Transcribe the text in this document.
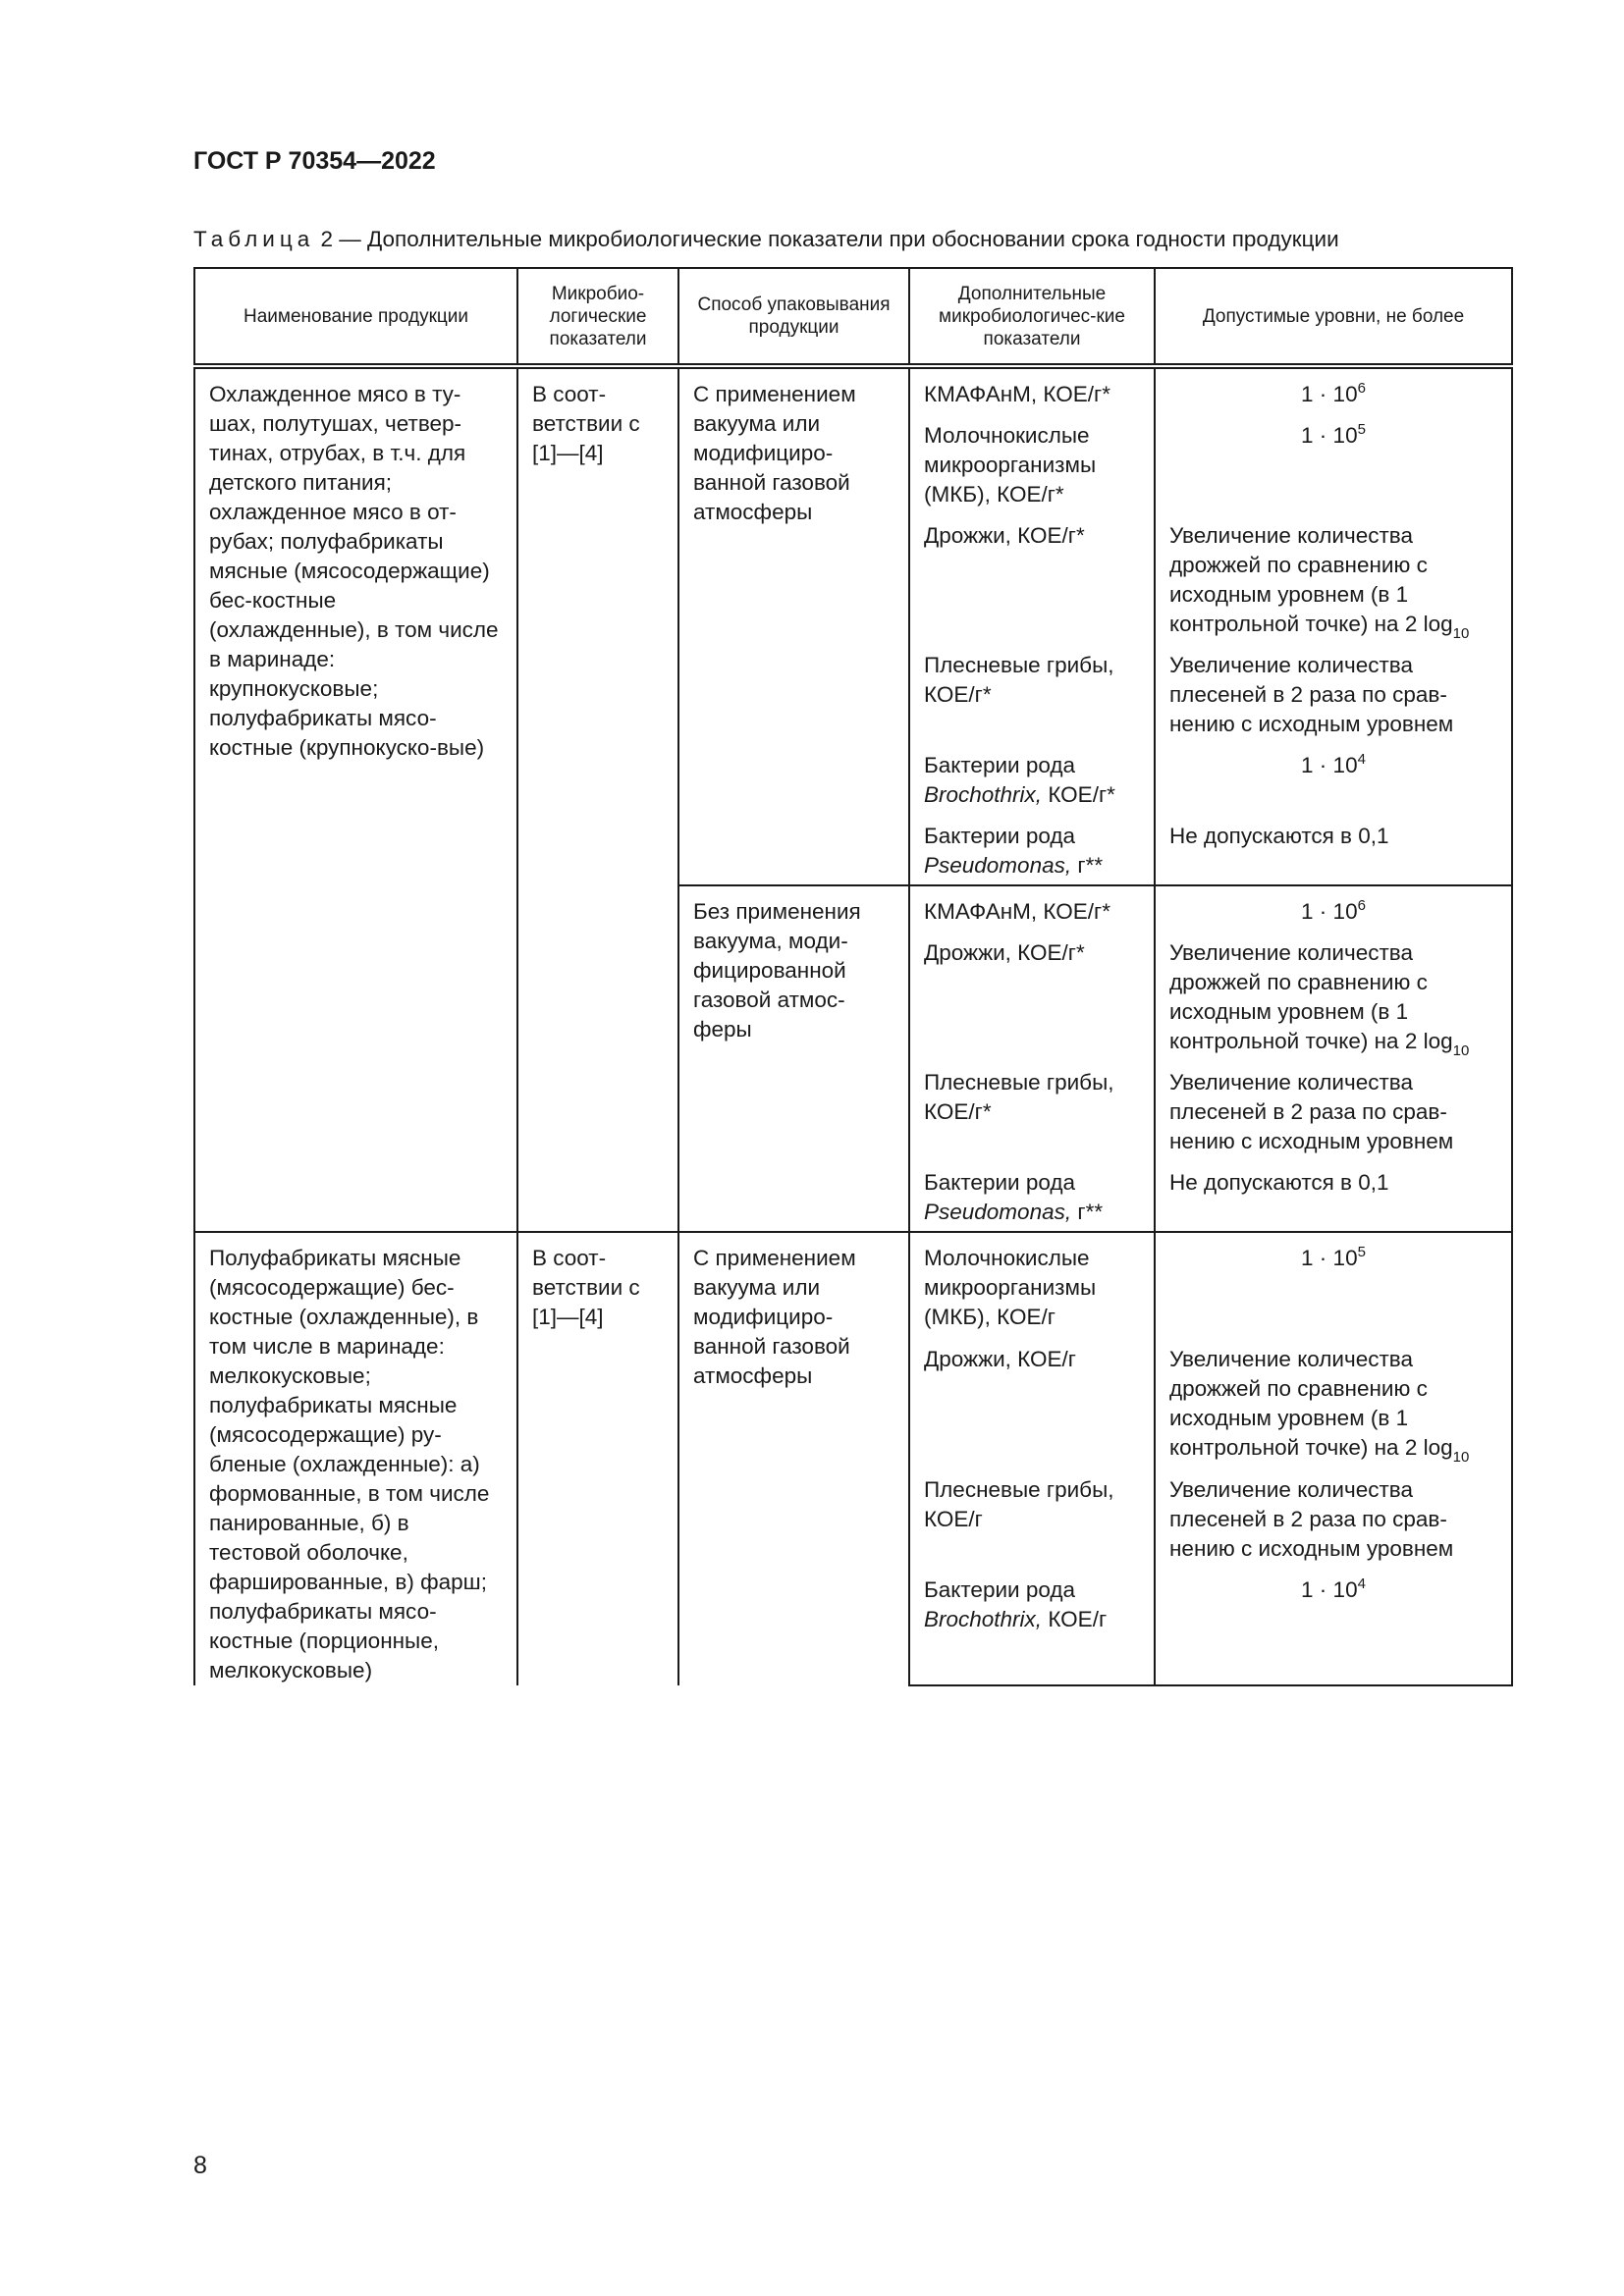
ГОСТ Р 70354—2022
Таблица 2 — Дополнительные микробиологические показатели при обосновании срока годности продукции
Наименование продукции	Микробио-логические показатели	Способ упаковывания продукции	Дополнительные микробиологичес-кие показатели	Допустимые уровни, не более
Охлажденное мясо в ту-шах, полутушах, четвер-тинах, отрубах, в т.ч. для детского питания; охлажденное мясо в от-рубах; полуфабрикаты мясные (мясосодержащие) бес-костные (охлажденные), в том числе в маринаде: крупнокусковые; полуфабрикаты мясо-костные (крупнокуско-вые)	В соот-ветствии с [1]—[4]	С применением вакуума или модифициро-ванной газовой атмосферы	КМАФАнМ, КОЕ/г*	$1 \cdot 10^6$
			Молочнокислые микроорганизмы (МКБ), КОЕ/г*	$1 \cdot 10^5$
			Дрожжи, КОЕ/г*	Увеличение количества дрожжей по сравнению с исходным уровнем (в 1 контрольной точке) на 2 $\log_{10}$
			Плесневые грибы, КОЕ/г*	Увеличение количества плесеней в 2 раза по срав-нению с исходным уровнем
			Бактерии рода Brochothrix, КОЕ/г*	$1 \cdot 10^4$
			Бактерии рода Pseudomonas, г**	Не допускаются в 0,1
		Без применения вакуума, моди-фицированной газовой атмос-феры	КМАФАнМ, КОЕ/г*	$1 \cdot 10^6$
			Дрожжи, КОЕ/г*	Увеличение количества дрожжей по сравнению с исходным уровнем (в 1 контрольной точке) на 2 $\log_{10}$
			Плесневые грибы, КОЕ/г*	Увеличение количества плесеней в 2 раза по срав-нению с исходным уровнем
			Бактерии рода Pseudomonas, г**	Не допускаются в 0,1
Полуфабрикаты мясные (мясосодержащие) бес-костные (охлажденные), в том числе в маринаде: мелкокусковые; полуфабрикаты мясные (мясосодержащие) ру-бленые (охлажденные): а) формованные, в том числе панированные, б) в тестовой оболочке, фаршированные, в) фарш; полуфабрикаты мясо-костные (порционные, мелкокусковые)	В соот-ветствии с [1]—[4]	С применением вакуума или модифициро-ванной газовой атмосферы	Молочнокислые микроорганизмы (МКБ), КОЕ/г	$1 \cdot 10^5$
			Дрожжи, КОЕ/г	Увеличение количества дрожжей по сравнению с исходным уровнем (в 1 контрольной точке) на 2 $\log_{10}$
			Плесневые грибы, КОЕ/г	Увеличение количества плесеней в 2 раза по срав-нению с исходным уровнем
			Бактерии рода Brochothrix, КОЕ/г	$1 \cdot 10^4$
8
